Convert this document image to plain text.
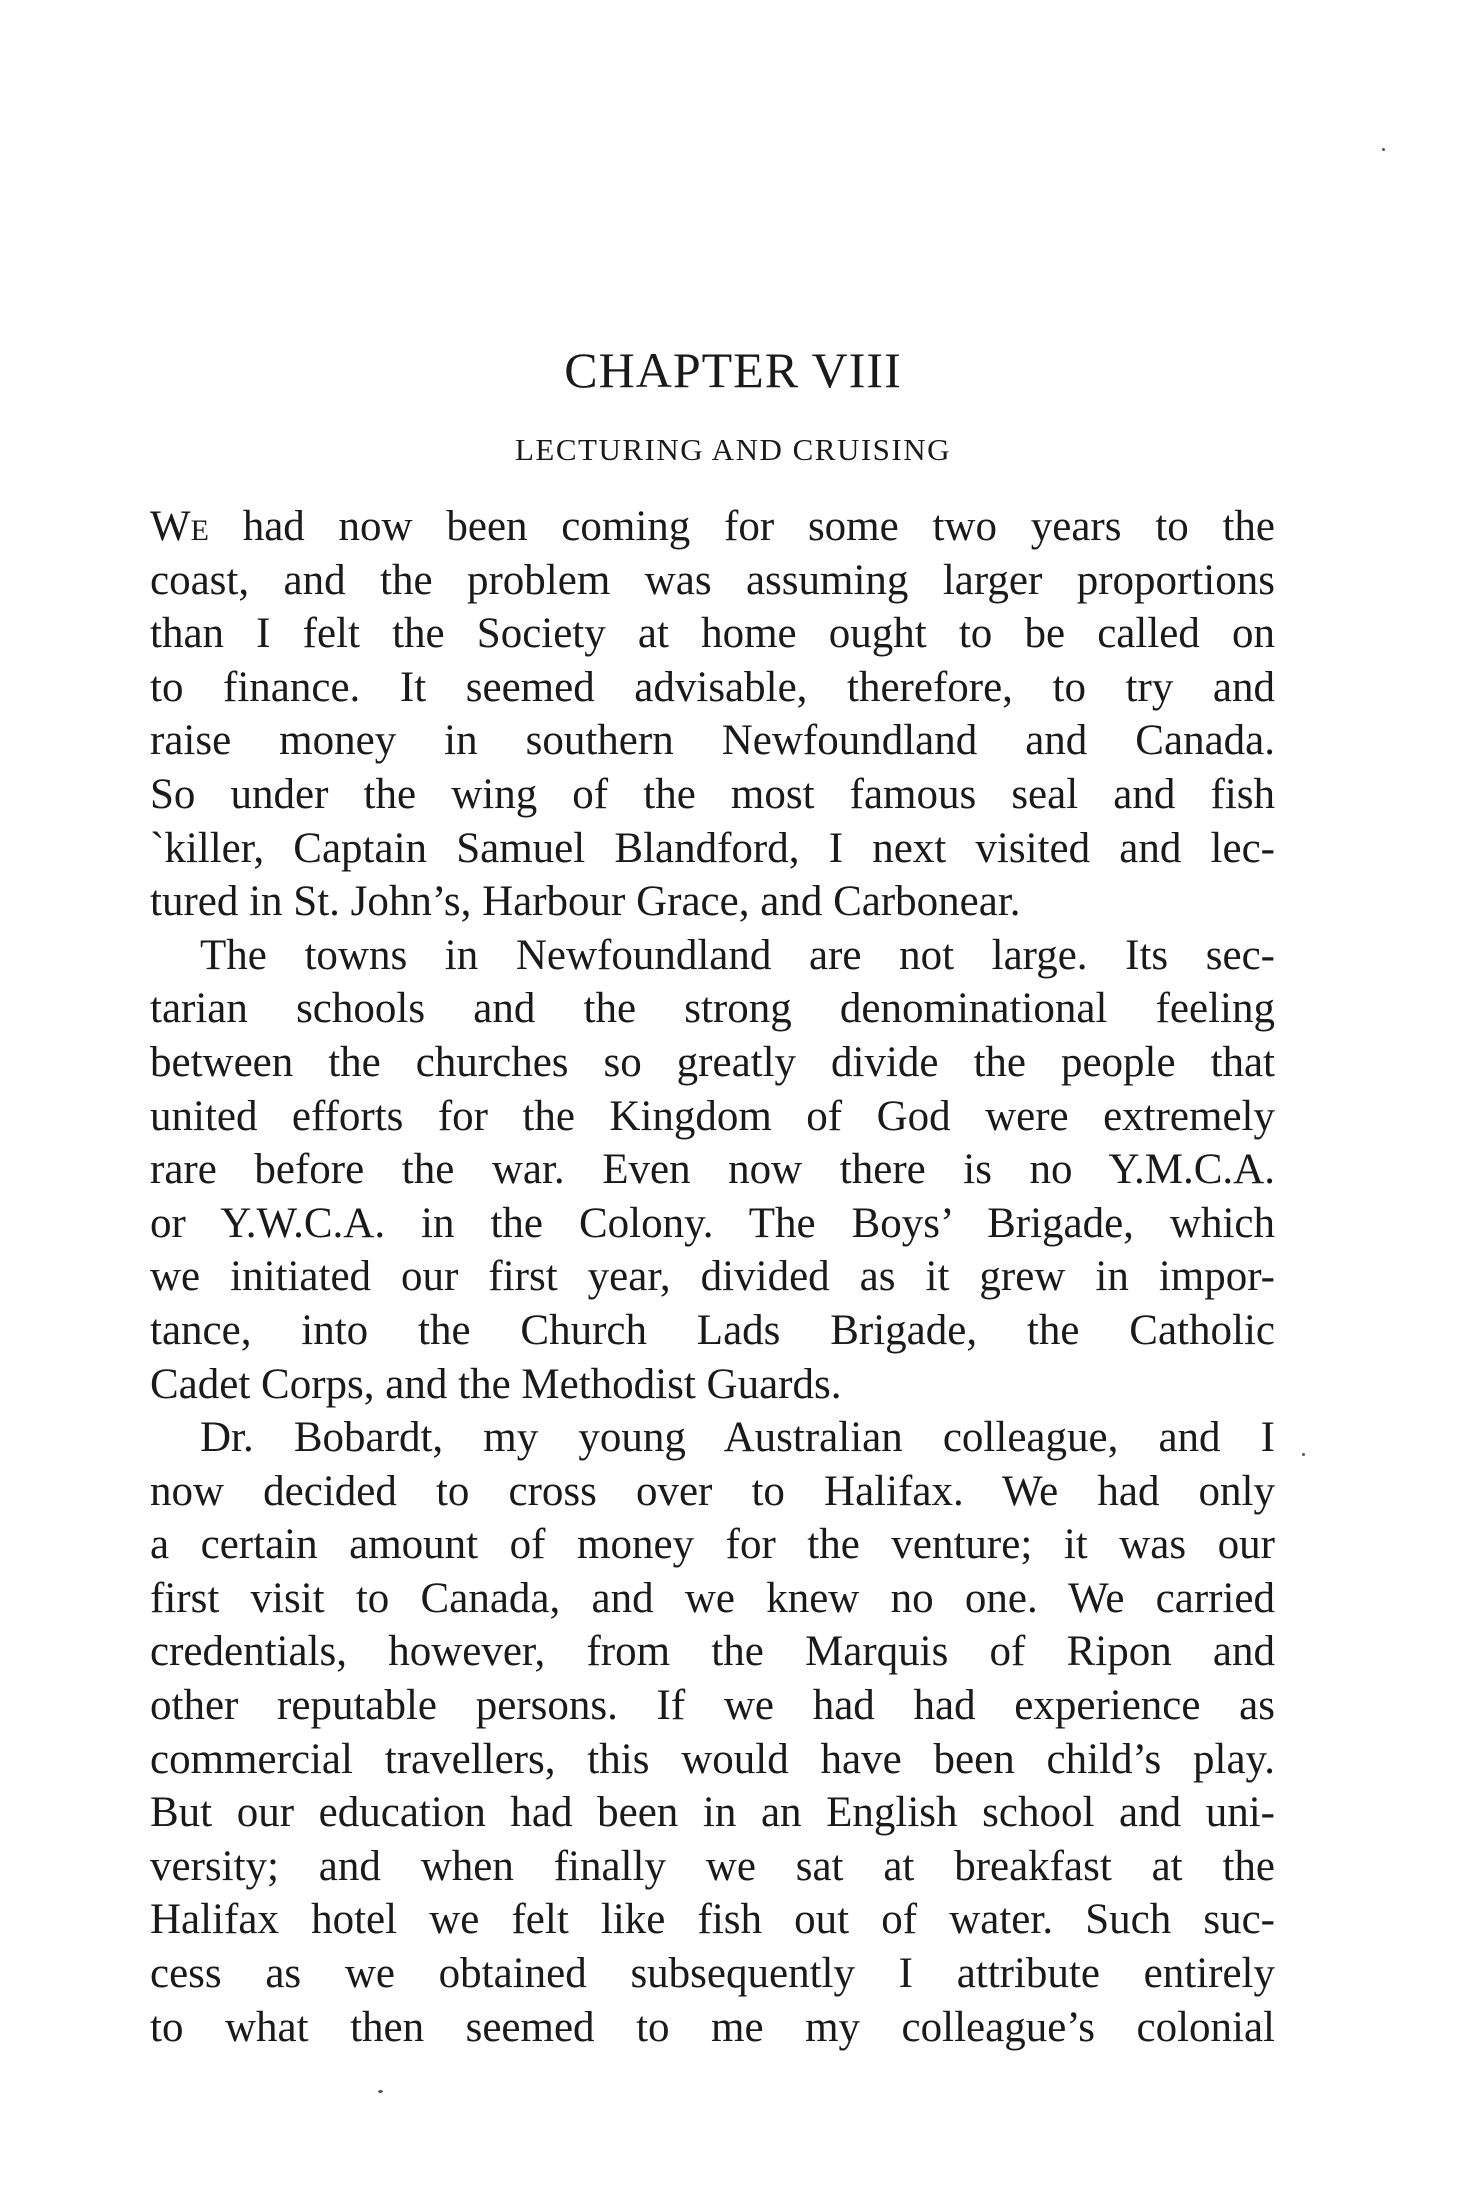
CHAPTER VIII
LECTURING AND CRUISING
We had now been coming for some two years to the
coast, and the problem was assuming larger proportions
than I felt the Society at home ought to be called on
to finance. It seemed advisable, therefore, to try and
raise money in southern Newfoundland and Canada.
So under the wing of the most famous seal and fish
`killer, Captain Samuel Blandford, I next visited and lec-
tured in St. John’s, Harbour Grace, and Carbonear.
The towns in Newfoundland are not large. Its sec-
tarian schools and the strong denominational feeling
between the churches so greatly divide the people that
united efforts for the Kingdom of God were extremely
rare before the war. Even now there is no Y.M.C.A.
or Y.W.C.A. in the Colony. The Boys’ Brigade, which
we initiated our first year, divided as it grew in impor-
tance, into the Church Lads Brigade, the Catholic
Cadet Corps, and the Methodist Guards.
Dr. Bobardt, my young Australian colleague, and I
now decided to cross over to Halifax. We had only
a certain amount of money for the venture; it was our
first visit to Canada, and we knew no one. We carried
credentials, however, from the Marquis of Ripon and
other reputable persons. If we had had experience as
commercial travellers, this would have been child’s play.
But our education had been in an English school and uni-
versity; and when finally we sat at breakfast at the
Halifax hotel we felt like fish out of water. Such suc-
cess as we obtained subsequently I attribute entirely
to what then seemed to me my colleague’s colonial
